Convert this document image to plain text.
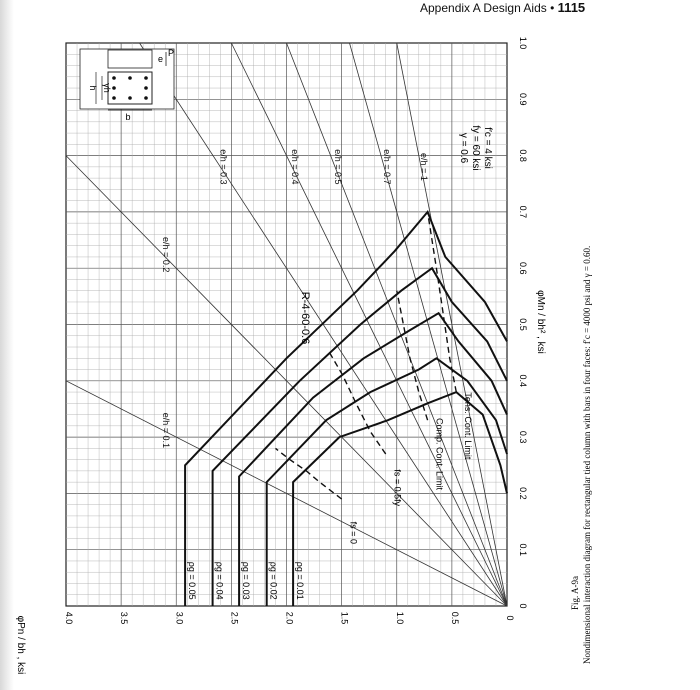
Appendix A Design Aids • 1115
e/h = 0.1
e/h = 0.2
e/h = 0.3	e/h = 0.4	e/h = 0.5	e/h = 0.7	e/h = 1
ρg = 0.01
ρg = 0.02
ρg = 0.03
ρg = 0.04
ρg = 0.05
fs = 0
fs = 0.5fy	Comp. Cont. Limit Tens. Cont. Limit
0
0.1
0.2
0.3
0.4
0.5
0.6
0.7
0.8
0.9
1.0
0
0.5
1.0
1.5
2.0
2.5
3.0
3.5
4.0
R-4-60-0.6	φMn / bh² , ksi
φPn / bh , ksi
f′c = 4 ksi
fy = 60 ksi
γ = 0.6
h γh
b
e
P
Fig. A-9a Nondimensional interaction diagram for rectangular tied column with bars in four faces: f′c = 4000 psi and γ = 0.60.
